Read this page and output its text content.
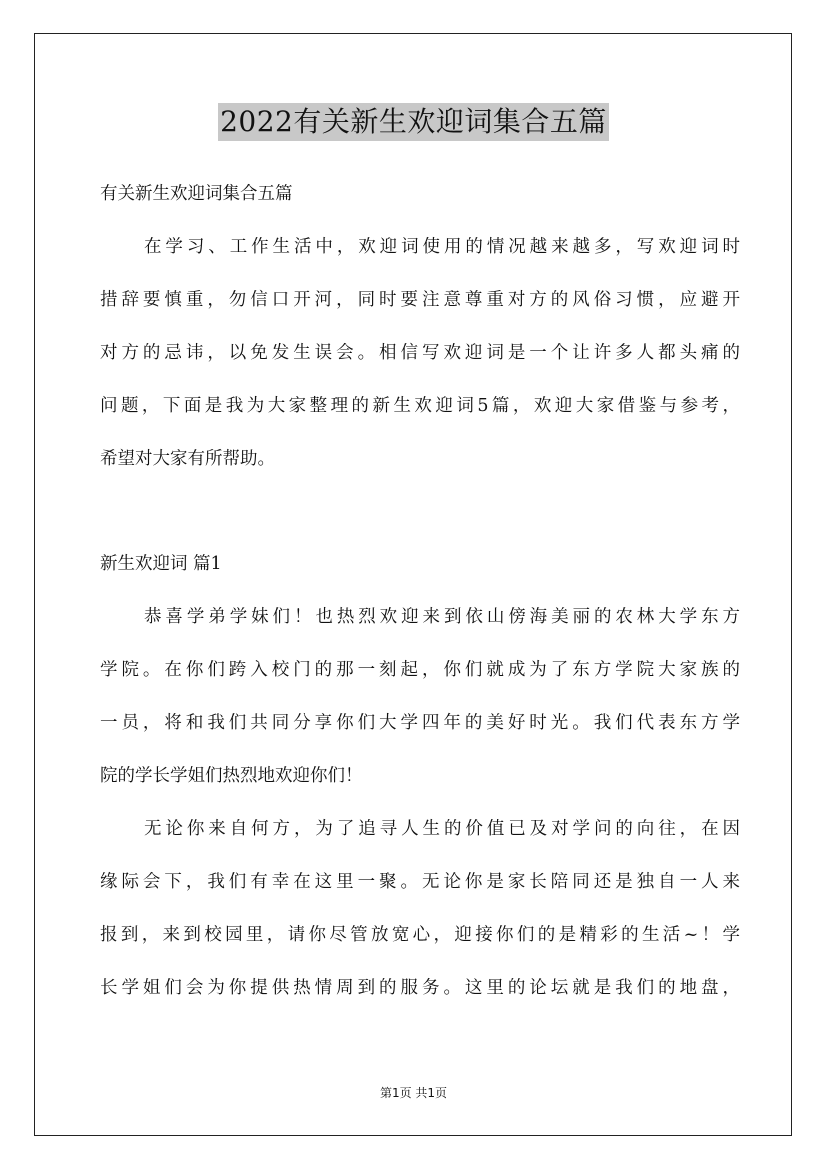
2022有关新生欢迎词集合五篇
有关新生欢迎词集合五篇
在学习、工作生活中，欢迎词使用的情况越来越多，写欢迎词时
措辞要慎重，勿信口开河，同时要注意尊重对方的风俗习惯，应避开
对方的忌讳，以免发生误会。相信写欢迎词是一个让许多人都头痛的
问题，下面是我为大家整理的新生欢迎词5篇，欢迎大家借鉴与参考，
希望对大家有所帮助。
新生欢迎词 篇1
恭喜学弟学妹们！也热烈欢迎来到依山傍海美丽的农林大学东方
学院。在你们跨入校门的那一刻起，你们就成为了东方学院大家族的
一员，将和我们共同分享你们大学四年的美好时光。我们代表东方学
院的学长学姐们热烈地欢迎你们！
无论你来自何方，为了追寻人生的价值已及对学问的向往，在因
缘际会下，我们有幸在这里一聚。无论你是家长陪同还是独自一人来
报到，来到校园里，请你尽管放宽心，迎接你们的是精彩的生活~！学
长学姐们会为你提供热情周到的服务。这里的论坛就是我们的地盘，
第1页 共1页
